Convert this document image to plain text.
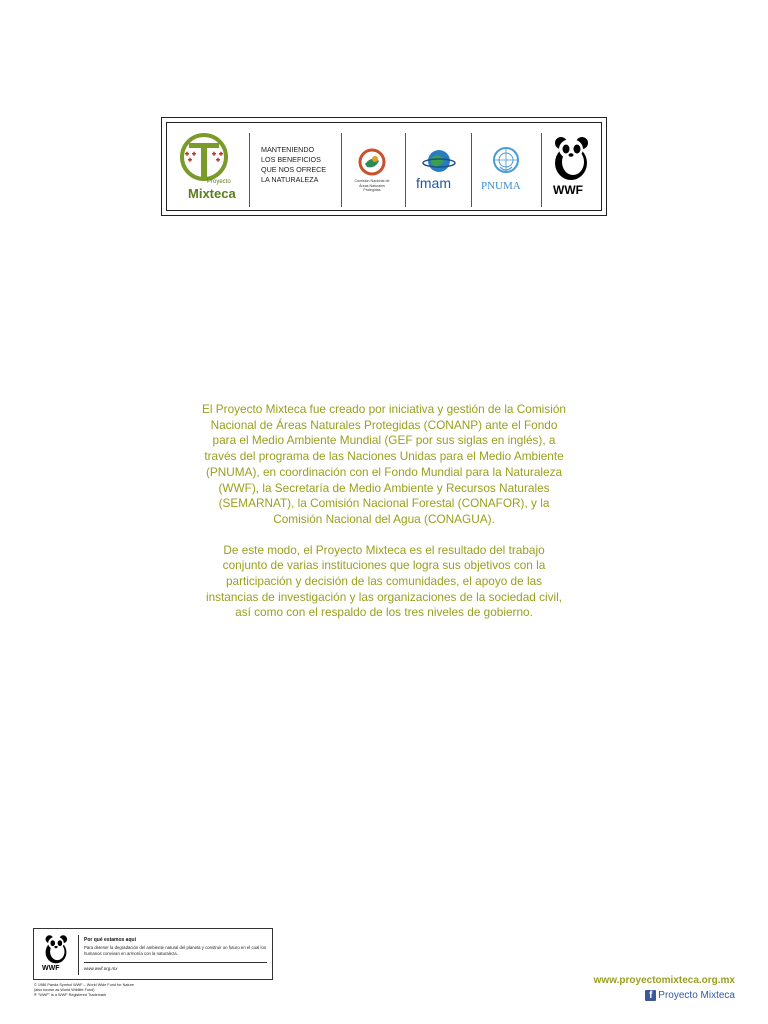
Proyecto
Mixteca
MANTENIENDO
LOS BENEFICIOS
QUE NOS OFRECE
LA NATURALEZA	Comisión Nacional de
Áreas Naturales
Protegidas	fmam	PNUMA	WWF

El Proyecto Mixteca fue creado por iniciativa y gestión de la Comisión Nacional de Áreas Naturales Protegidas (CONANP) ante el Fondo para el Medio Ambiente Mundial (GEF por sus siglas en inglés), a través del programa de las Naciones Unidas para el Medio Ambiente (PNUMA), en coordinación con el Fondo Mundial para la Naturaleza (WWF), la Secretaría de Medio Ambiente y Recursos Naturales (SEMARNAT), la Comisión Nacional Forestal (CONAFOR), y la Comisión Nacional del Agua (CONAGUA).

De este modo, el Proyecto Mixteca es el resultado del trabajo conjunto de varias instituciones que logra sus objetivos con la participación y decisión de las comunidades, el apoyo de las instancias de investigación y las organizaciones de la sociedad civil, así como con el respaldo de los tres niveles de gobierno.

WWF
Por qué estamos aquí
Para detener la degradación del ambiente natural del planeta y construir un futuro en el cual los humanos convivan en armonía con la naturaleza.
www.wwf.org.mx
© 1986 Panda Symbol WWF – World Wide Fund for Nature
(also known as World Wildlife Fund)
® "WWF" is a WWF Registered Trademark
www.proyectomixteca.org.mx
f Proyecto Mixteca
